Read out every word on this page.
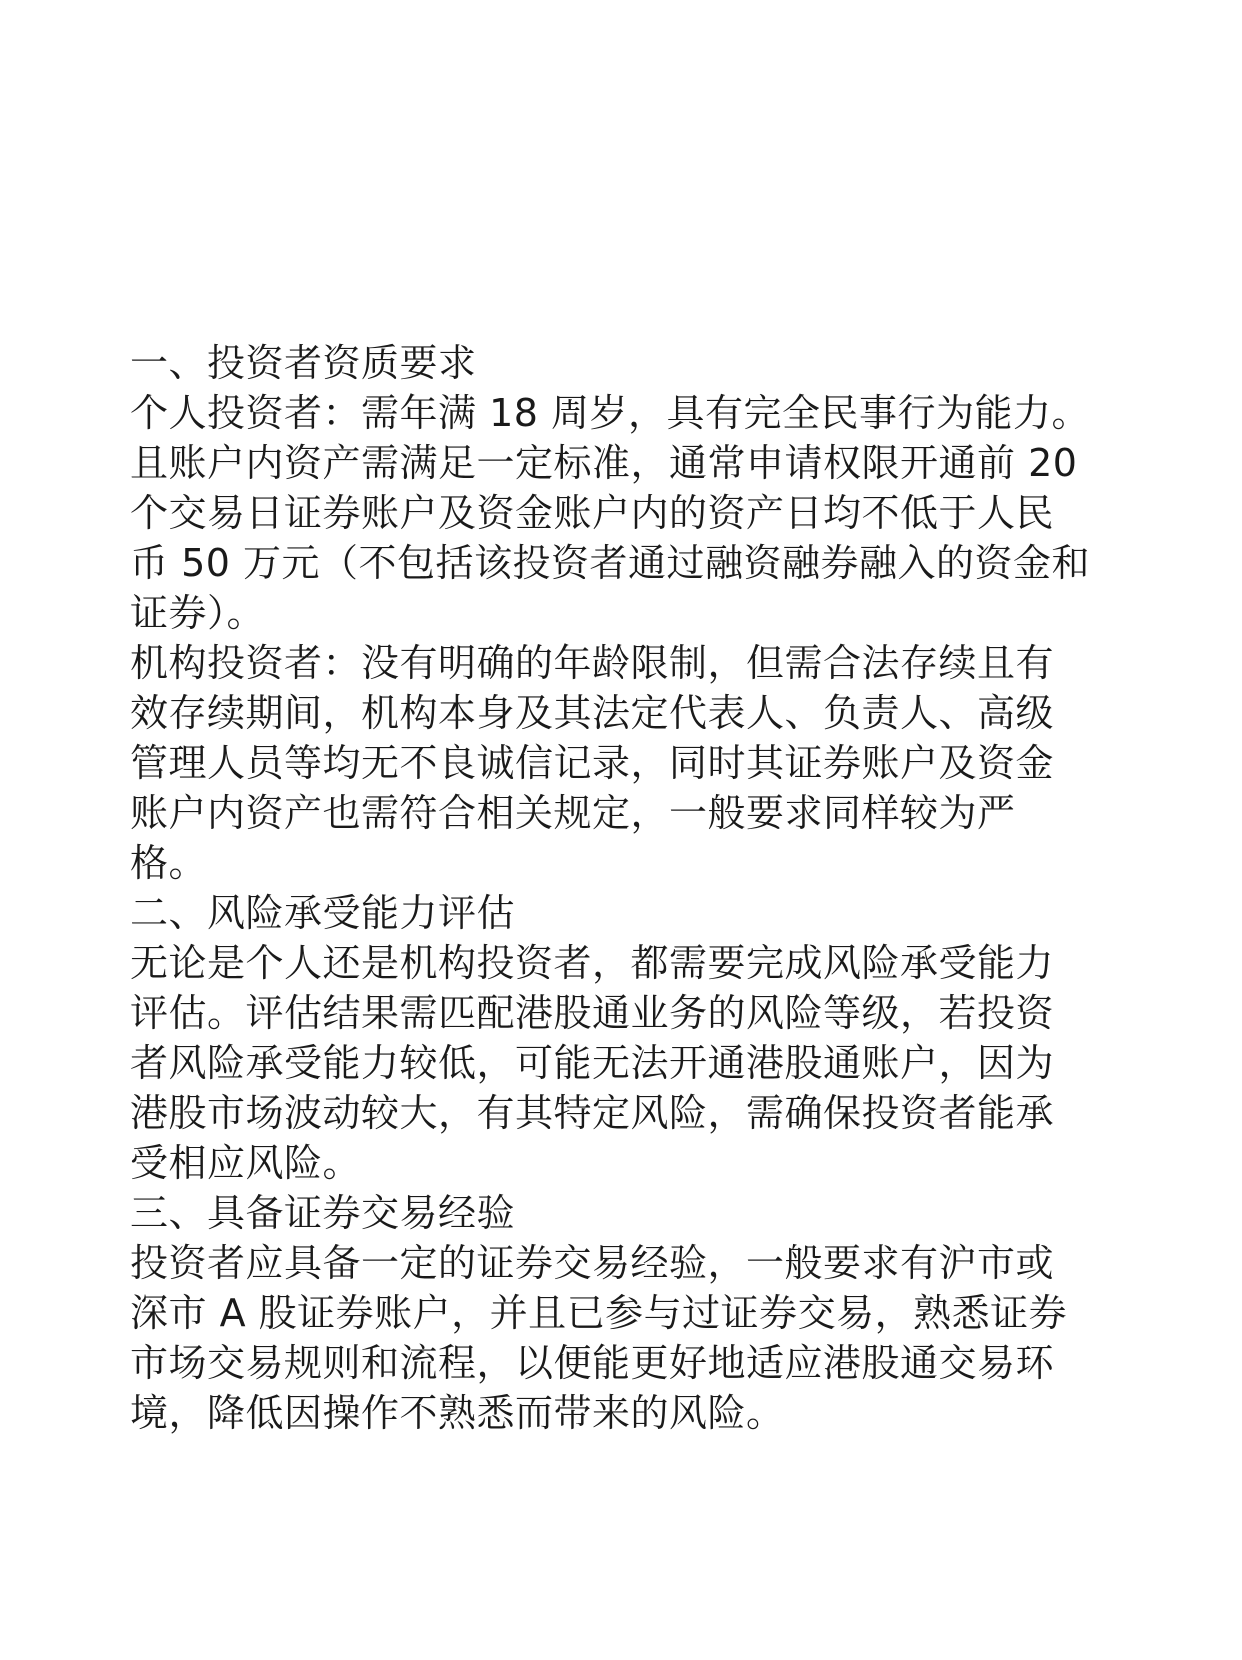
一、投资者资质要求
个人投资者：需年满 18 周岁，具有完全民事行为能力。
且账户内资产需满足一定标准，通常申请权限开通前 20
个交易日证券账户及资金账户内的资产日均不低于人民
币 50 万元（不包括该投资者通过融资融券融入的资金和
证券）。
机构投资者：没有明确的年龄限制，但需合法存续且有
效存续期间，机构本身及其法定代表人、负责人、高级
管理人员等均无不良诚信记录，同时其证券账户及资金
账户内资产也需符合相关规定，一般要求同样较为严
格。
二、风险承受能力评估
无论是个人还是机构投资者，都需要完成风险承受能力
评估。评估结果需匹配港股通业务的风险等级，若投资
者风险承受能力较低，可能无法开通港股通账户，因为
港股市场波动较大，有其特定风险，需确保投资者能承
受相应风险。
三、具备证券交易经验
投资者应具备一定的证券交易经验，一般要求有沪市或
深市 A 股证券账户，并且已参与过证券交易，熟悉证券
市场交易规则和流程，以便能更好地适应港股通交易环
境，降低因操作不熟悉而带来的风险。
